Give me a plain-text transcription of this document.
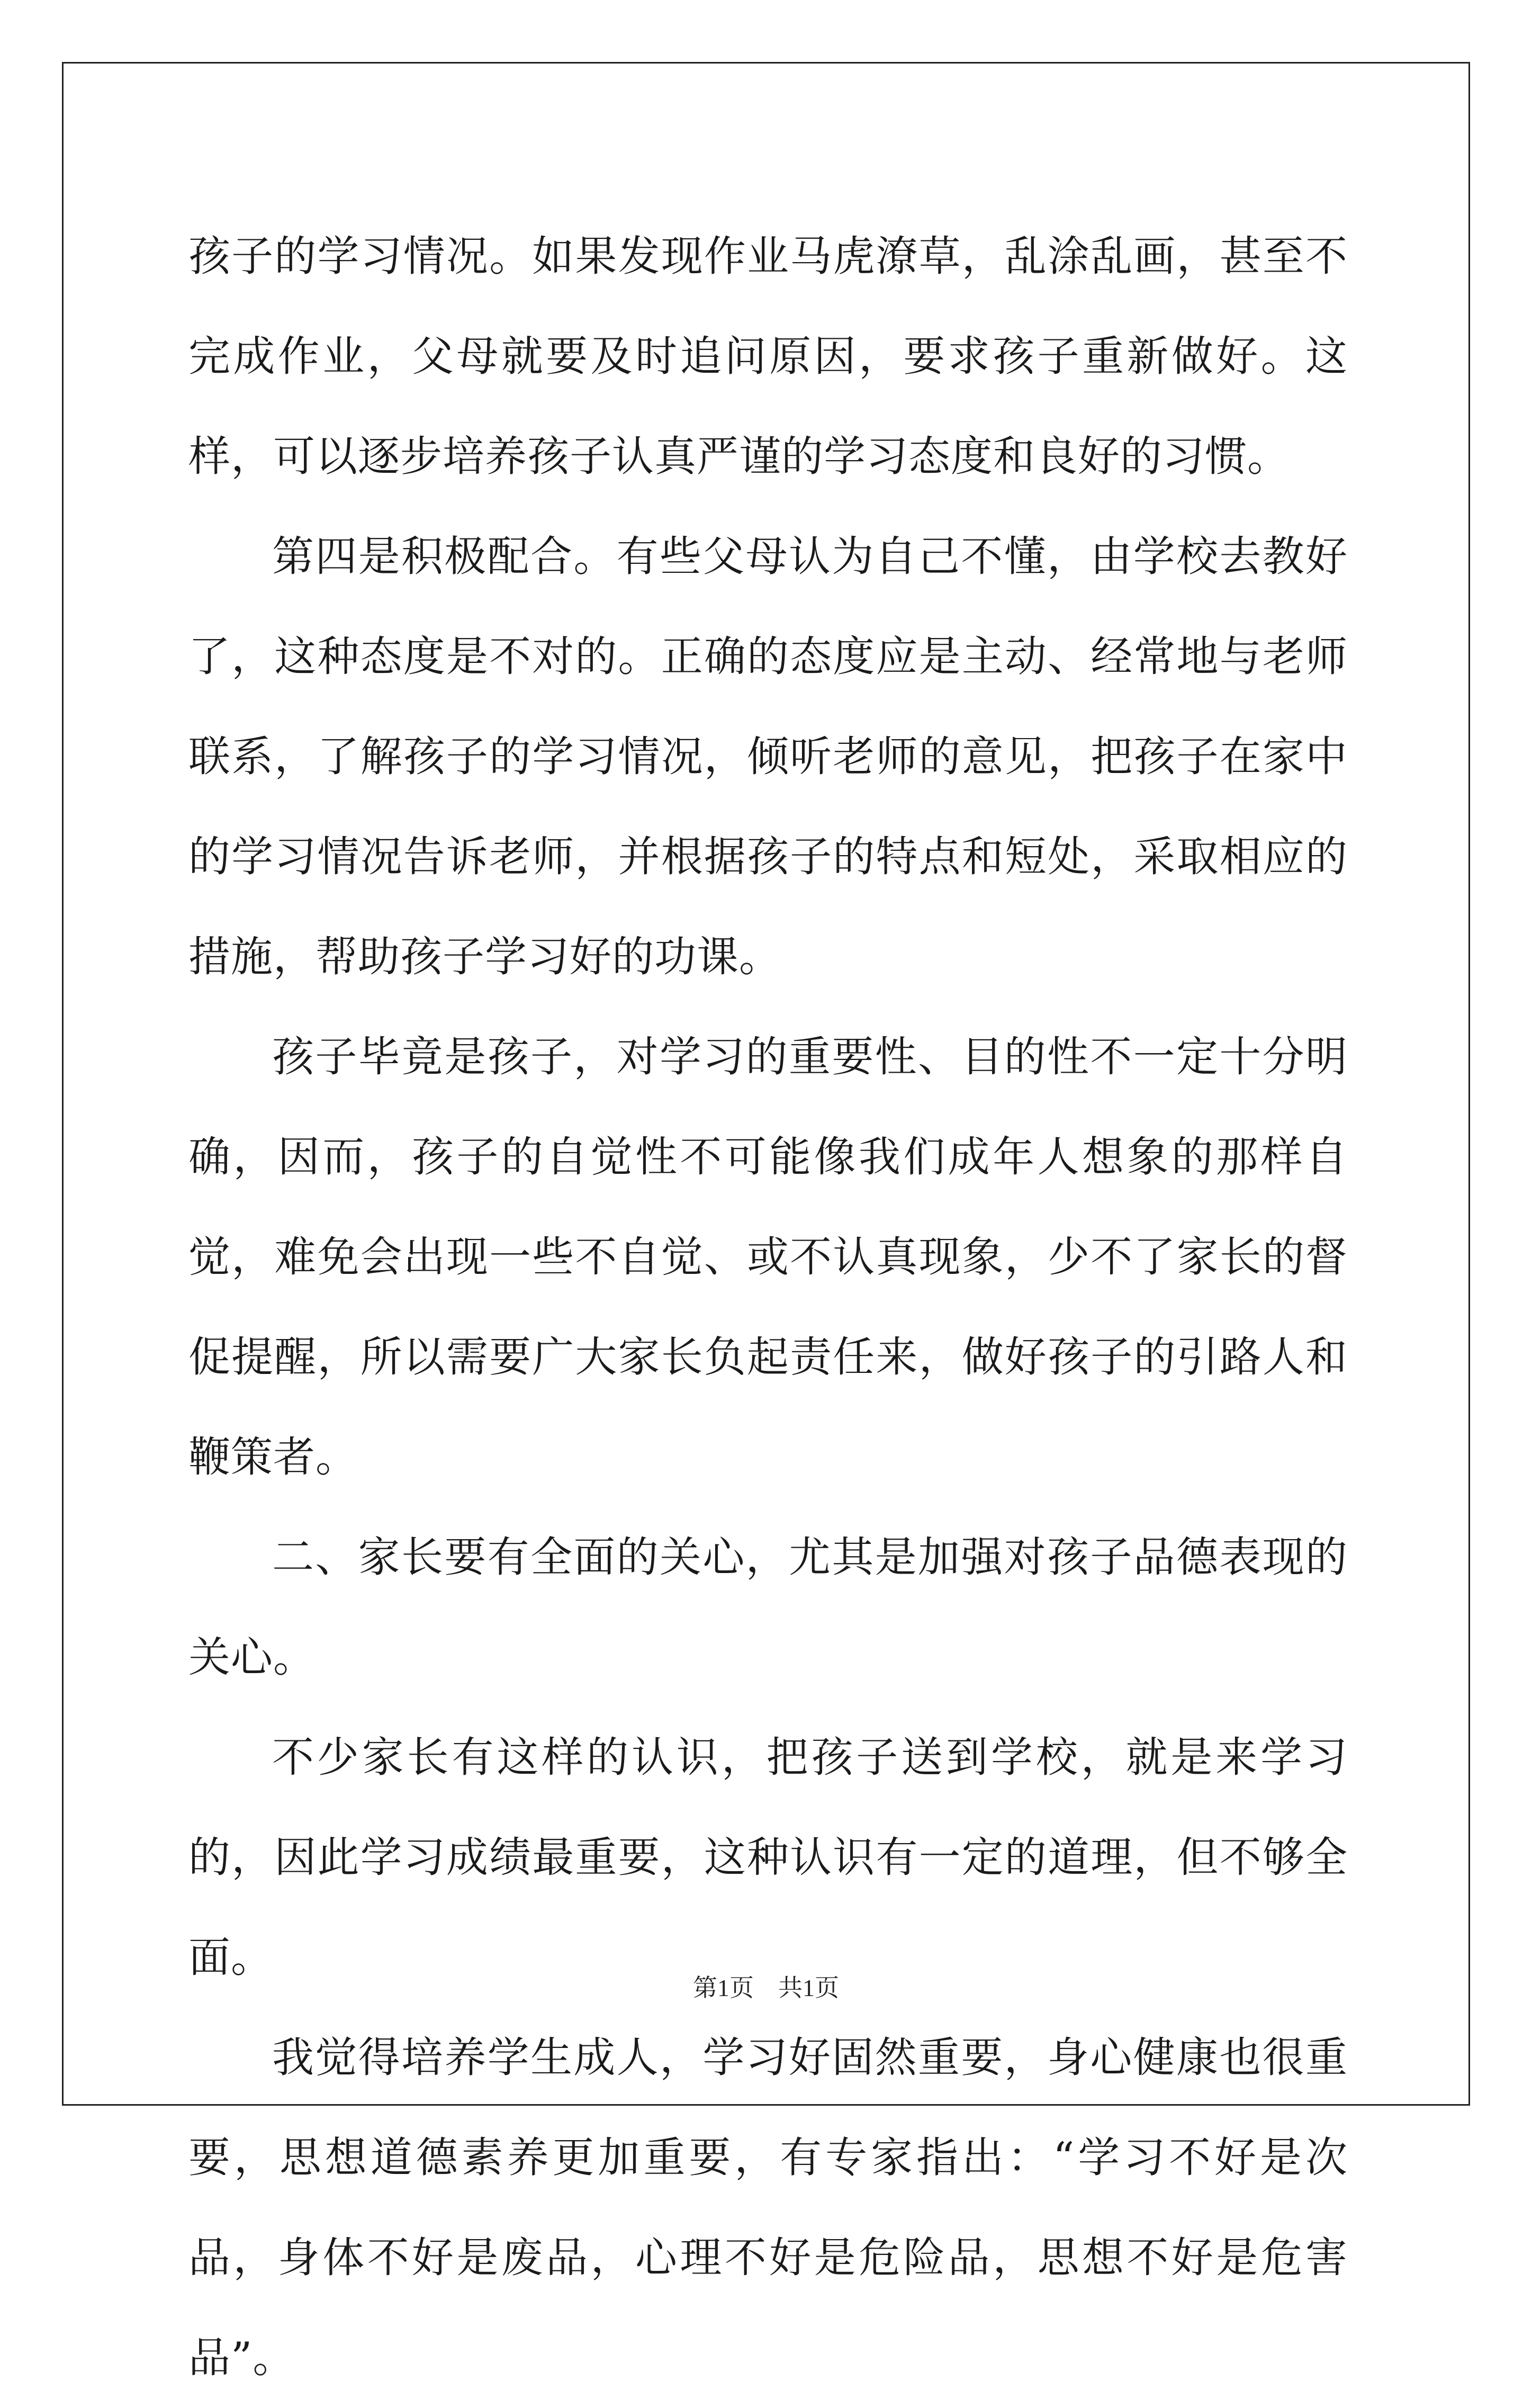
孩子的学习情况。如果发现作业马虎潦草，乱涂乱画，甚至不完成作业，父母就要及时追问原因，要求孩子重新做好。这样，可以逐步培养孩子认真严谨的学习态度和良好的习惯。

第四是积极配合。有些父母认为自己不懂，由学校去教好了，这种态度是不对的。正确的态度应是主动、经常地与老师联系，了解孩子的学习情况，倾听老师的意见，把孩子在家中的学习情况告诉老师，并根据孩子的特点和短处，采取相应的措施，帮助孩子学习好的功课。

孩子毕竟是孩子，对学习的重要性、目的性不一定十分明确，因而，孩子的自觉性不可能像我们成年人想象的那样自觉，难免会出现一些不自觉、或不认真现象，少不了家长的督促提醒，所以需要广大家长负起责任来，做好孩子的引路人和鞭策者。

二、家长要有全面的关心，尤其是加强对孩子品德表现的关心。

不少家长有这样的认识，把孩子送到学校，就是来学习的，因此学习成绩最重要，这种认识有一定的道理，但不够全面。

我觉得培养学生成人，学习好固然重要，身心健康也很重要，思想道德素养更加重要，有专家指出：“学习不好是次品，身体不好是废品，心理不好是危险品，思想不好是危害品”。

第1页 共1页
